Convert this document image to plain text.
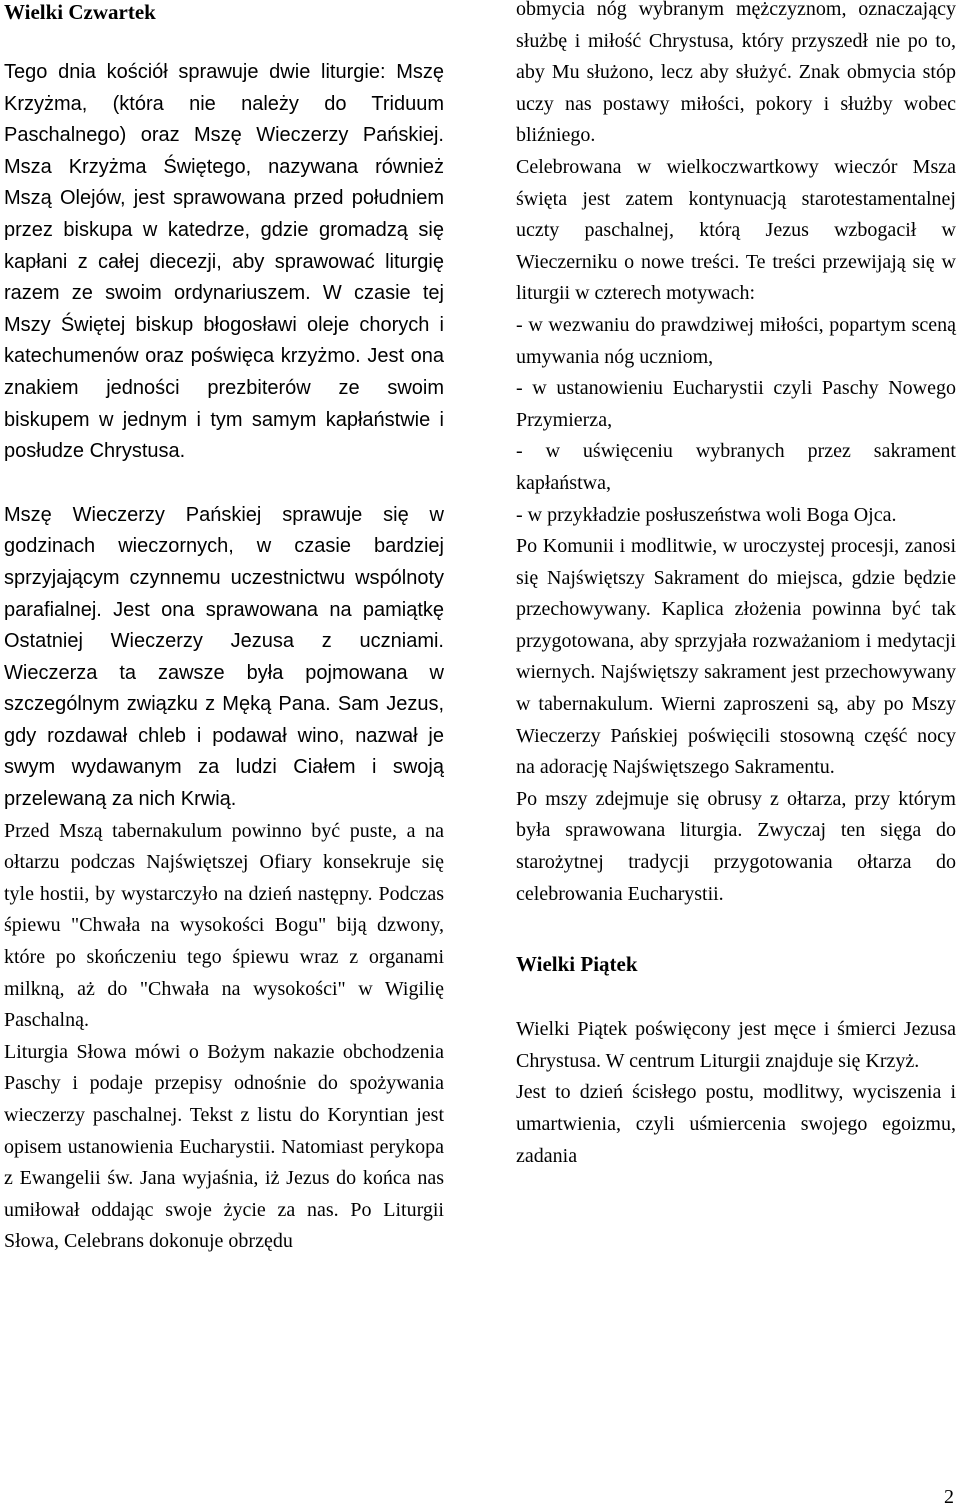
Wielki Czwartek

Tego dnia kościół sprawuje dwie liturgie: Mszę Krzyżma, (która nie należy do Triduum Paschalnego) oraz Mszę Wieczerzy Pańskiej. Msza Krzyżma Świętego, nazywana również Mszą Olejów, jest sprawowana przed południem przez biskupa w katedrze, gdzie gromadzą się kapłani z całej diecezji, aby sprawować liturgię razem ze swoim ordynariuszem. W czasie tej Mszy Świętej biskup błogosławi oleje chorych i katechumenów oraz poświęca krzyżmo. Jest ona znakiem jedności prezbiterów ze swoim biskupem w jednym i tym samym kapłaństwie i posłudze Chrystusa.

Mszę Wieczerzy Pańskiej sprawuje się w godzinach wieczornych, w czasie bardziej sprzyjającym czynnemu uczestnictwu wspólnoty parafialnej. Jest ona sprawowana na pamiątkę Ostatniej Wieczerzy Jezusa z uczniami. Wieczerza ta zawsze była pojmowana w szczególnym związku z Męką Pana. Sam Jezus, gdy rozdawał chleb i podawał wino, nazwał je swym wydawanym za ludzi Ciałem i swoją przelewaną za nich Krwią.

Przed Mszą tabernakulum powinno być puste, a na ołtarzu podczas Najświętszej Ofiary konsekruje się tyle hostii, by wystarczyło na dzień następny. Podczas śpiewu "Chwała na wysokości Bogu" biją dzwony, które po skończeniu tego śpiewu wraz z organami milkną, aż do "Chwała na wysokości" w Wigilię Paschalną.

Liturgia Słowa mówi o Bożym nakazie obchodzenia Paschy i podaje przepisy odnośnie do spożywania wieczerzy paschalnej. Tekst z listu do Koryntian jest opisem ustanowienia Eucharystii. Natomiast perykopa z Ewangelii św. Jana wyjaśnia, iż Jezus do końca nas umiłował oddając swoje życie za nas. Po Liturgii Słowa, Celebrans dokonuje obrzędu

obmycia nóg wybranym mężczyznom, oznaczający służbę i miłość Chrystusa, który przyszedł nie po to, aby Mu służono, lecz aby służyć. Znak obmycia stóp uczy nas postawy miłości, pokory i służby wobec bliźniego.

Celebrowana w wielkoczwartkowy wieczór Msza święta jest zatem kontynuacją starotestamentalnej uczty paschalnej, którą Jezus wzbogacił w Wieczerniku o nowe treści. Te treści przewijają się w liturgii w czterech motywach:

- w wezwaniu do prawdziwej miłości, popartym sceną umywania nóg uczniom,

- w ustanowieniu Eucharystii czyli Paschy Nowego Przymierza,

- w uświęceniu wybranych przez sakrament kapłaństwa,

- w przykładzie posłuszeństwa woli Boga Ojca.

Po Komunii i modlitwie, w uroczystej procesji, zanosi się Najświętszy Sakrament do miejsca, gdzie będzie przechowywany. Kaplica złożenia powinna być tak przygotowana, aby sprzyjała rozważaniom i medytacji wiernych. Najświętszy sakrament jest przechowywany w tabernakulum. Wierni zaproszeni są, aby po Mszy Wieczerzy Pańskiej poświęcili stosowną część nocy na adorację Najświętszego Sakramentu.

Po mszy zdejmuje się obrusy z ołtarza, przy którym była sprawowana liturgia. Zwyczaj ten sięga do starożytnej tradycji przygotowania ołtarza do celebrowania Eucharystii.

Wielki Piątek

Wielki Piątek poświęcony jest męce i śmierci Jezusa Chrystusa. W centrum Liturgii znajduje się Krzyż.

Jest to dzień ścisłego postu, modlitwy, wyciszenia i umartwienia, czyli uśmiercenia swojego egoizmu, zadania

2
